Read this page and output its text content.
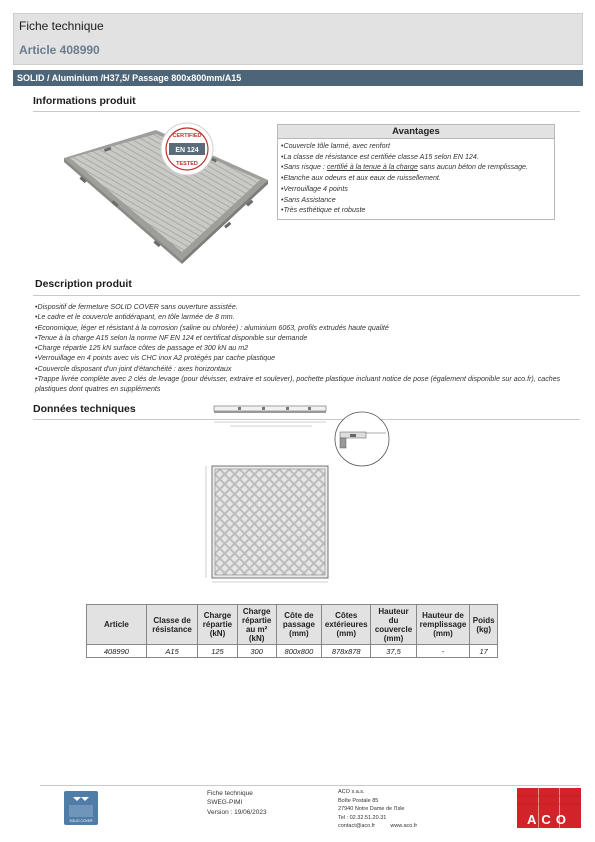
Fiche technique
Article 408990
SOLID / Aluminium /H37,5/ Passage 800x800mm/A15
Informations produit
CERTIFIED
EN 124
TESTED
Avantages
• Couvercle tôle larmé, avec renfort
• La classe de résistance est certifiée classe A15 selon EN 124.
• Sans risque : certifié à la tenue à la charge sans aucun béton de remplissage.
• Etanche aux odeurs et aux eaux de ruissellement.
• Verrouillage 4 points
• Sans Assistance
• Très esthétique et robuste
Description produit
• Dispositif de fermeture SOLID COVER sans ouverture assistée.
• Le cadre et le couvercle antidérapant, en tôle larmée de 8 mm.
• Economique, léger et résistant à la corrosion (saline ou chlorée) : aluminium 6063, profils extrudés haute qualité
• Tenue à la charge A15 selon la norme NF EN 124 et certificat disponible sur demande
• Charge répartie 125 kN surface côtes de passage et 300 kN au m2
• Verrouillage en 4 points avec vis CHC inox A2 protégés par cache plastique
• Couvercle disposant d'un joint d'étanchéité : axes horizontaux
• Trappe livrée complète avec 2 clés de levage (pour dévisser, extraire et soulever), pochette plastique incluant notice de pose (également disponible sur aco.fr), caches plastiques dont quatres en suppléments
Données techniques
Article	Classe de résistance	Charge répartie (kN)	Charge répartie au m² (kN)	Côte de passage (mm)	Côtes extérieures (mm)	Hauteur du couvercle (mm)	Hauteur de remplissage (mm)	Poids (kg)
408990	A15	125	300	800x800	878x878	37,5	-	17
SOLID COVER
Fiche technique
SWEG-PIMI
Version : 19/06/2023
ACO s.a.s.
Boîte Postale 85
27940 Notre Dame de l'Isle
Tel : 02.32.51.20.31
contact@aco.fr          www.aco.fr	ACO
